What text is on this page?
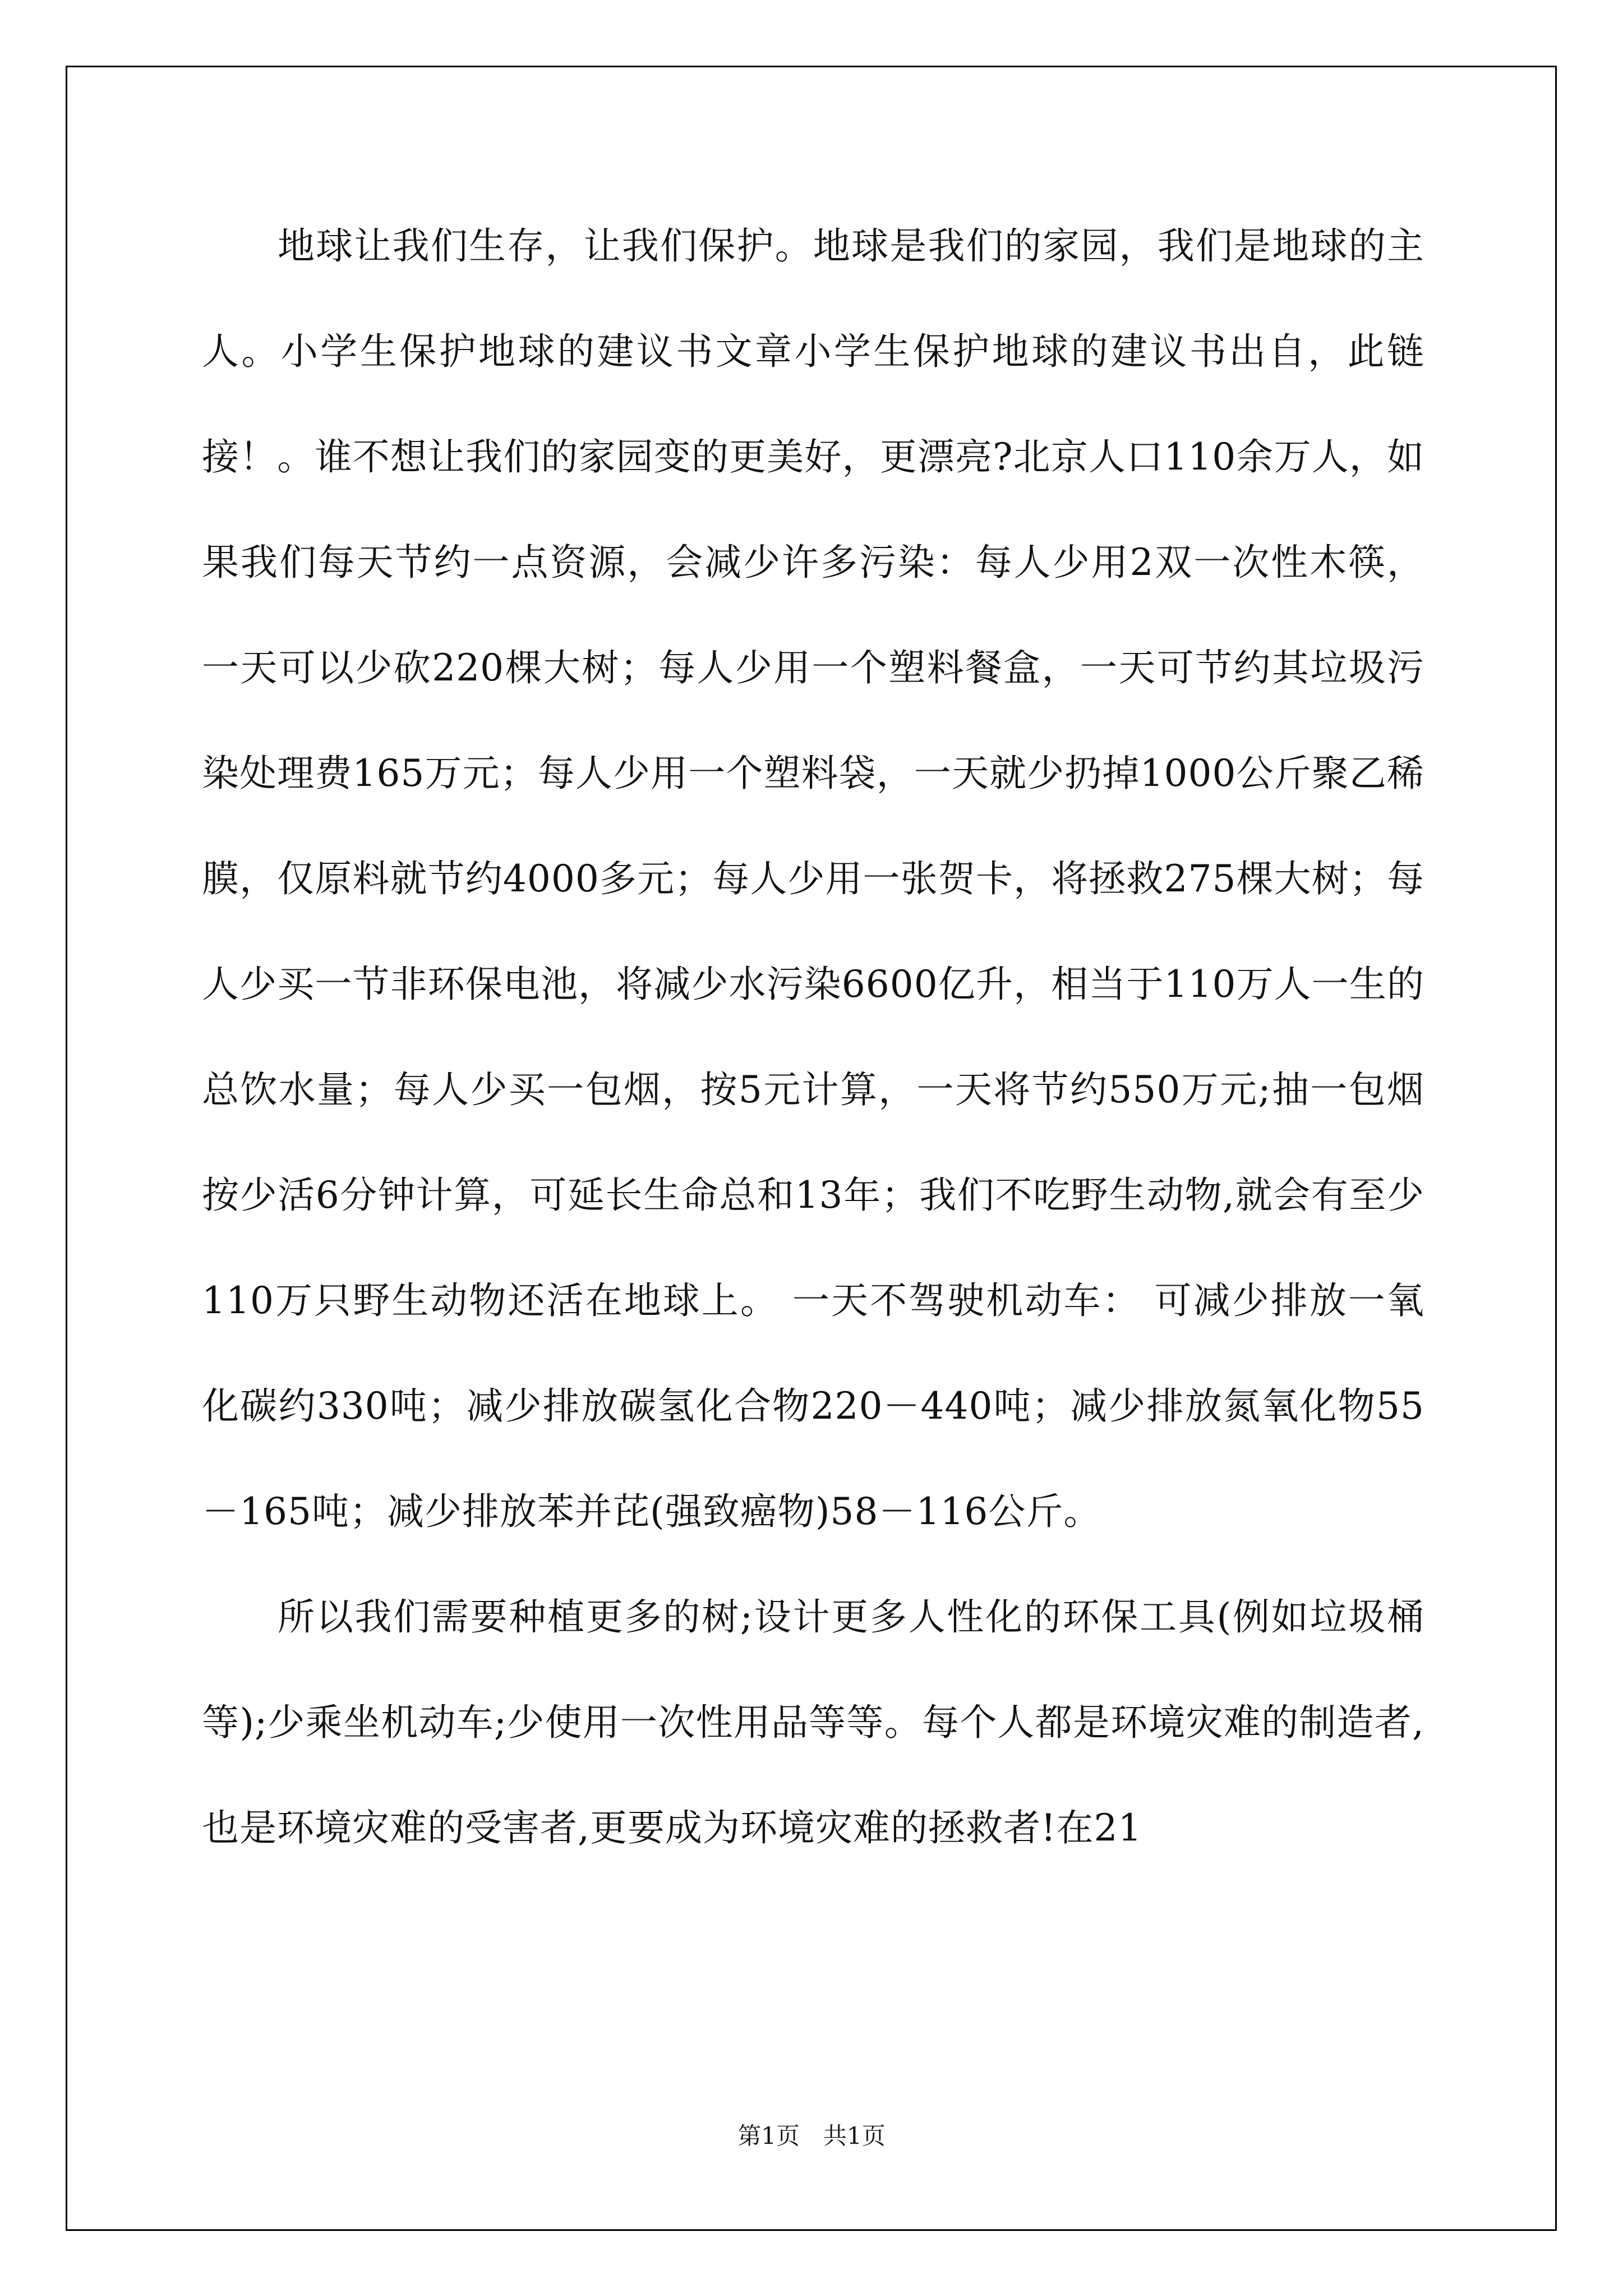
地球让我们生存，让我们保护。地球是我们的家园，我们是地球的主人。小学生保护地球的建议书文章小学生保护地球的建议书出自，此链接！。谁不想让我们的家园变的更美好，更漂亮?北京人口110余万人，如果我们每天节约一点资源，会减少许多污染：每人少用2双一次性木筷，一天可以少砍220棵大树；每人少用一个塑料餐盒，一天可节约其垃圾污染处理费165万元；每人少用一个塑料袋，一天就少扔掉1000公斤聚乙稀膜，仅原料就节约4000多元；每人少用一张贺卡，将拯救275棵大树；每人少买一节非环保电池，将减少水污染6600亿升，相当于110万人一生的总饮水量；每人少买一包烟，按5元计算，一天将节约550万元;抽一包烟按少活6分钟计算，可延长生命总和13年；我们不吃野生动物,就会有至少110万只野生动物还活在地球上。 一天不驾驶机动车： 可减少排放一氧化碳约330吨；减少排放碳氢化合物220－440吨；减少排放氮氧化物55－165吨；减少排放苯并芘(强致癌物)58－116公斤。

所以我们需要种植更多的树;设计更多人性化的环保工具(例如垃圾桶等);少乘坐机动车;少使用一次性用品等等。每个人都是环境灾难的制造者,也是环境灾难的受害者,更要成为环境灾难的拯救者!在21

第1页　共1页
